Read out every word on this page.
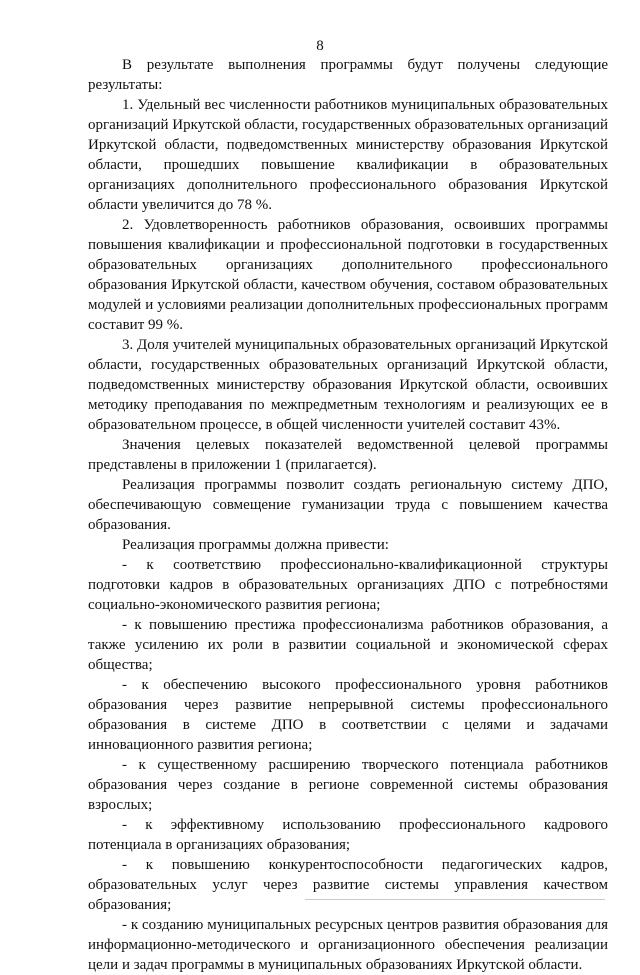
8

В результате выполнения программы будут получены следующие результаты:

1. Удельный вес численности работников муниципальных образовательных организаций Иркутской области, государственных образовательных организаций Иркутской области, подведомственных министерству образования Иркутской области, прошедших повышение квалификации в образовательных организациях дополнительного профессионального образования Иркутской области увеличится до 78 %.

2. Удовлетворенность работников образования, освоивших программы повышения квалификации и профессиональной подготовки в государственных образовательных организациях дополнительного профессионального образования Иркутской области, качеством обучения, составом образовательных модулей и условиями реализации дополнительных профессиональных программ составит 99 %.

3. Доля учителей муниципальных образовательных организаций Иркутской области, государственных образовательных организаций Иркутской области, подведомственных министерству образования Иркутской области, освоивших методику преподавания по межпредметным технологиям и реализующих ее в образовательном процессе, в общей численности учителей составит 43%.

Значения целевых показателей ведомственной целевой программы представлены в приложении 1 (прилагается).

Реализация программы позволит создать региональную систему ДПО, обеспечивающую совмещение гуманизации труда с повышением качества образования.

Реализация программы должна привести:

- к соответствию профессионально-квалификационной структуры подготовки кадров в образовательных организациях ДПО с потребностями социально-экономического развития региона;

- к повышению престижа профессионализма работников образования, а также усилению их роли в развитии социальной и экономической сферах общества;

- к обеспечению высокого профессионального уровня работников образования через развитие непрерывной системы профессионального образования в системе ДПО в соответствии с целями и задачами инновационного развития региона;

- к существенному расширению творческого потенциала работников образования через создание в регионе современной системы образования взрослых;

- к эффективному использованию профессионального кадрового потенциала в организациях образования;

- к повышению конкурентоспособности педагогических кадров, образовательных услуг через развитие системы управления качеством образования;

- к созданию муниципальных ресурсных центров развития образования для информационно-методического и организационного обеспечения реализации цели и задач программы в муниципальных образованиях Иркутской области.
